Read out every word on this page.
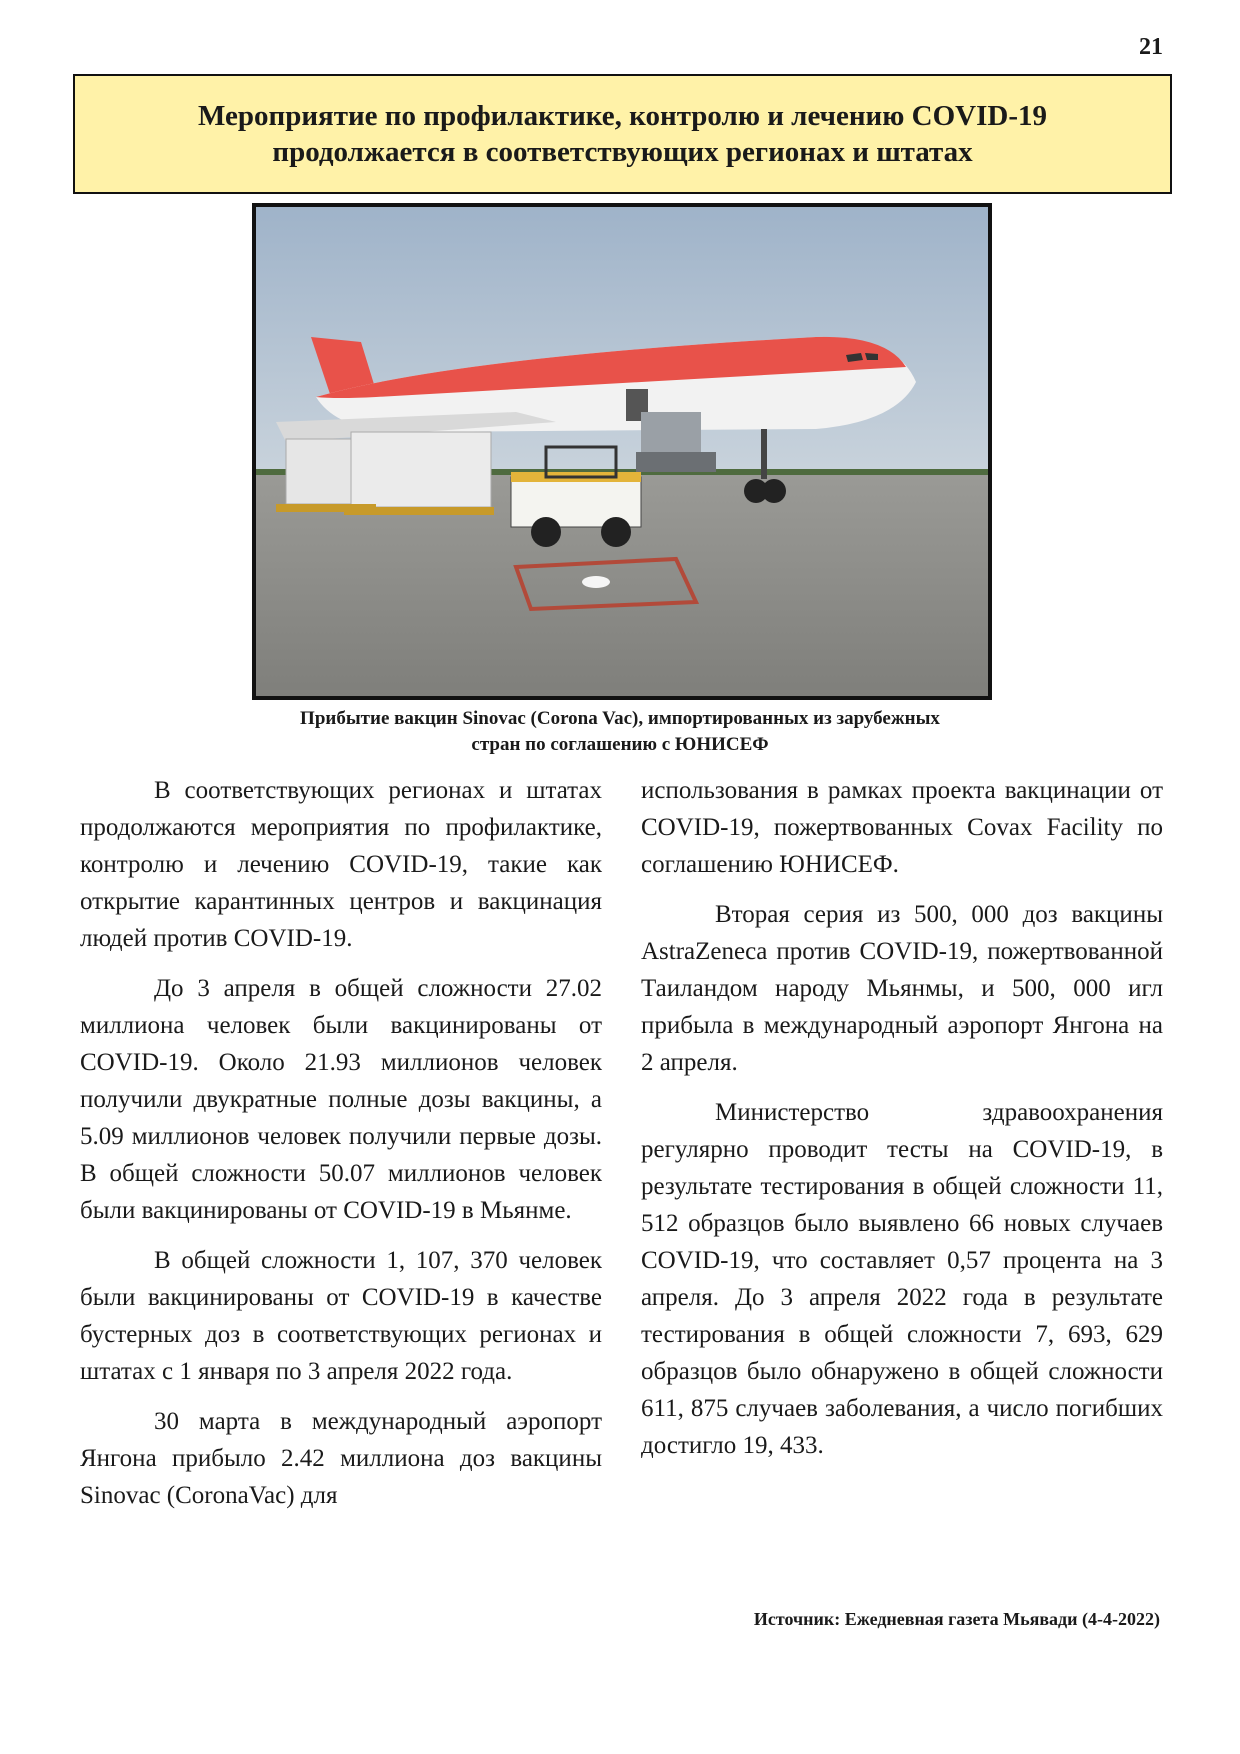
21
Мероприятие по профилактике, контролю и лечению COVID-19
продолжается в соответствующих регионах и штатах
Прибытие вакцин Sinovac (Corona Vac), импортированных из зарубежных
стран по соглашению с ЮНИСЕФ

В соответствующих регионах и штатах продолжаются мероприятия по профилактике, контролю и лечению COVID-19, такие как открытие карантинных центров и вакцинация людей против COVID-19.

До 3 апреля в общей сложности 27.02 миллиона человек были вакцинированы от COVID-19. Около 21.93 миллионов человек получили двукратные полные дозы вакцины, а 5.09 миллионов человек получили первые дозы. В общей сложности 50.07 миллионов человек были вакцинированы от COVID-19 в Мьянме.

В общей сложности 1, 107, 370 человек были вакцинированы от COVID-19 в качестве бустерных доз в соответствующих регионах и штатах с 1 января по 3 апреля 2022 года.

30 марта в международный аэропорт Янгона прибыло 2.42 миллиона доз вакцины Sinovac (CoronaVac) для

использования в рамках проекта вакцинации от COVID-19, пожертвованных Covax Facility по соглашению ЮНИСЕФ.

Вторая серия из 500, 000 доз вакцины AstraZeneca против COVID-19, пожертвованной Таиландом народу Мьянмы, и 500, 000 игл прибыла в международный аэропорт Янгона на 2 апреля.

Министерство здравоохранения регулярно проводит тесты на COVID-19, в результате тестирования в общей сложности 11, 512 образцов было выявлено 66 новых случаев COVID-19, что составляет 0,57 процента на 3 апреля. До 3 апреля 2022 года в результате тестирования в общей сложности 7, 693, 629 образцов было обнаружено в общей сложности 611, 875 случаев заболевания, а число погибших достигло 19, 433.

Источник: Ежедневная газета Мьявади (4-4-2022)
